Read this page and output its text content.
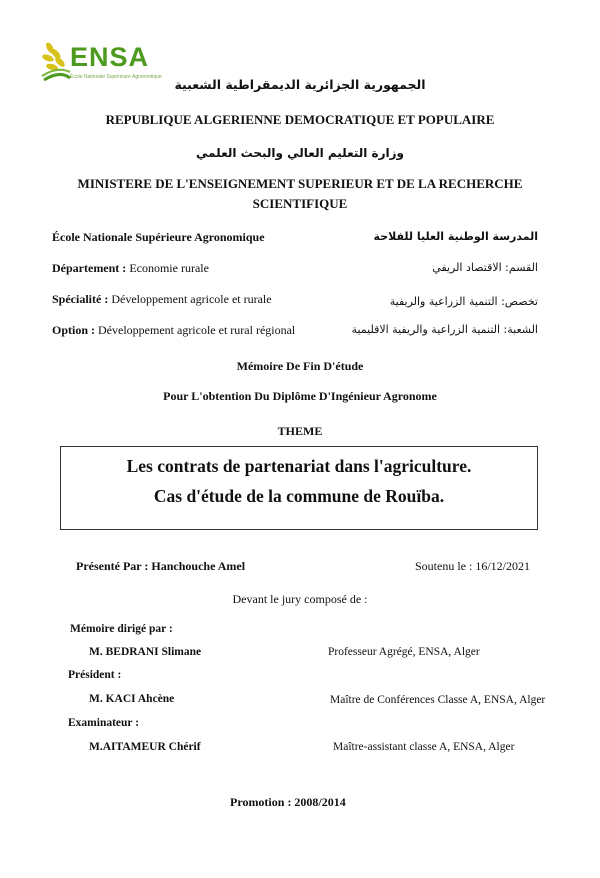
ENSA
École Nationale Supérieure Agronomique	الجمهورية الجزائرية الديمقراطية الشعبية
REPUBLIQUE ALGERIENNE DEMOCRATIQUE ET POPULAIRE
وزارة التعليم العالي والبحث العلمي
MINISTERE DE L'ENSEIGNEMENT SUPERIEUR ET DE LA RECHERCHE
SCIENTIFIQUE
École Nationale Supérieure Agronomique	المدرسة الوطنية العليا للفلاحة
Département : Economie rurale	القسم: الاقتصاد الريفي
Spécialité : Développement agricole et rurale	تخصص: التنمية الزراعية والريفية
Option : Développement agricole et rural régional	الشعبة: التنمية الزراعية والريفية الاقليمية
Mémoire De Fin D'étude
Pour L'obtention Du Diplôme D'Ingénieur Agronome
THEME
Les contrats de partenariat dans l'agriculture.
Cas d'étude de la commune de Rouïba.
Présenté Par : Hanchouche Amel	Soutenu le : 16/12/2021
Devant le jury composé de :
Mémoire dirigé par :
M. BEDRANI Slimane	Professeur Agrégé, ENSA, Alger
Président :
M. KACI Ahcène	Maître de Conférences Classe A, ENSA, Alger
Examinateur :
M.AITAMEUR Chérif	Maître-assistant classe A, ENSA, Alger
Promotion : 2008/2014
